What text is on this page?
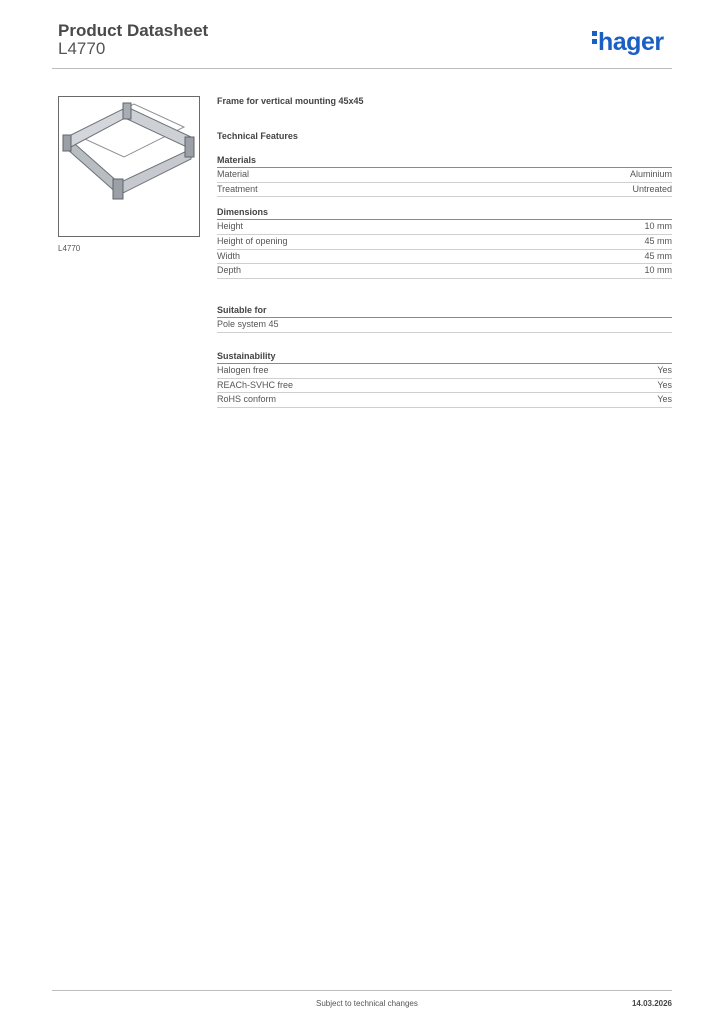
Product Datasheet
L4770	hager
L4770
Frame for vertical mounting 45x45
Technical Features
Materials
Material	Aluminium
Treatment	Untreated
Dimensions
Height	10 mm
Height of opening	45 mm
Width	45 mm
Depth	10 mm
Suitable for
Pole system 45
Sustainability
Halogen free	Yes
REACh-SVHC free	Yes
RoHS conform	Yes
Subject to technical changes	14.03.2026
